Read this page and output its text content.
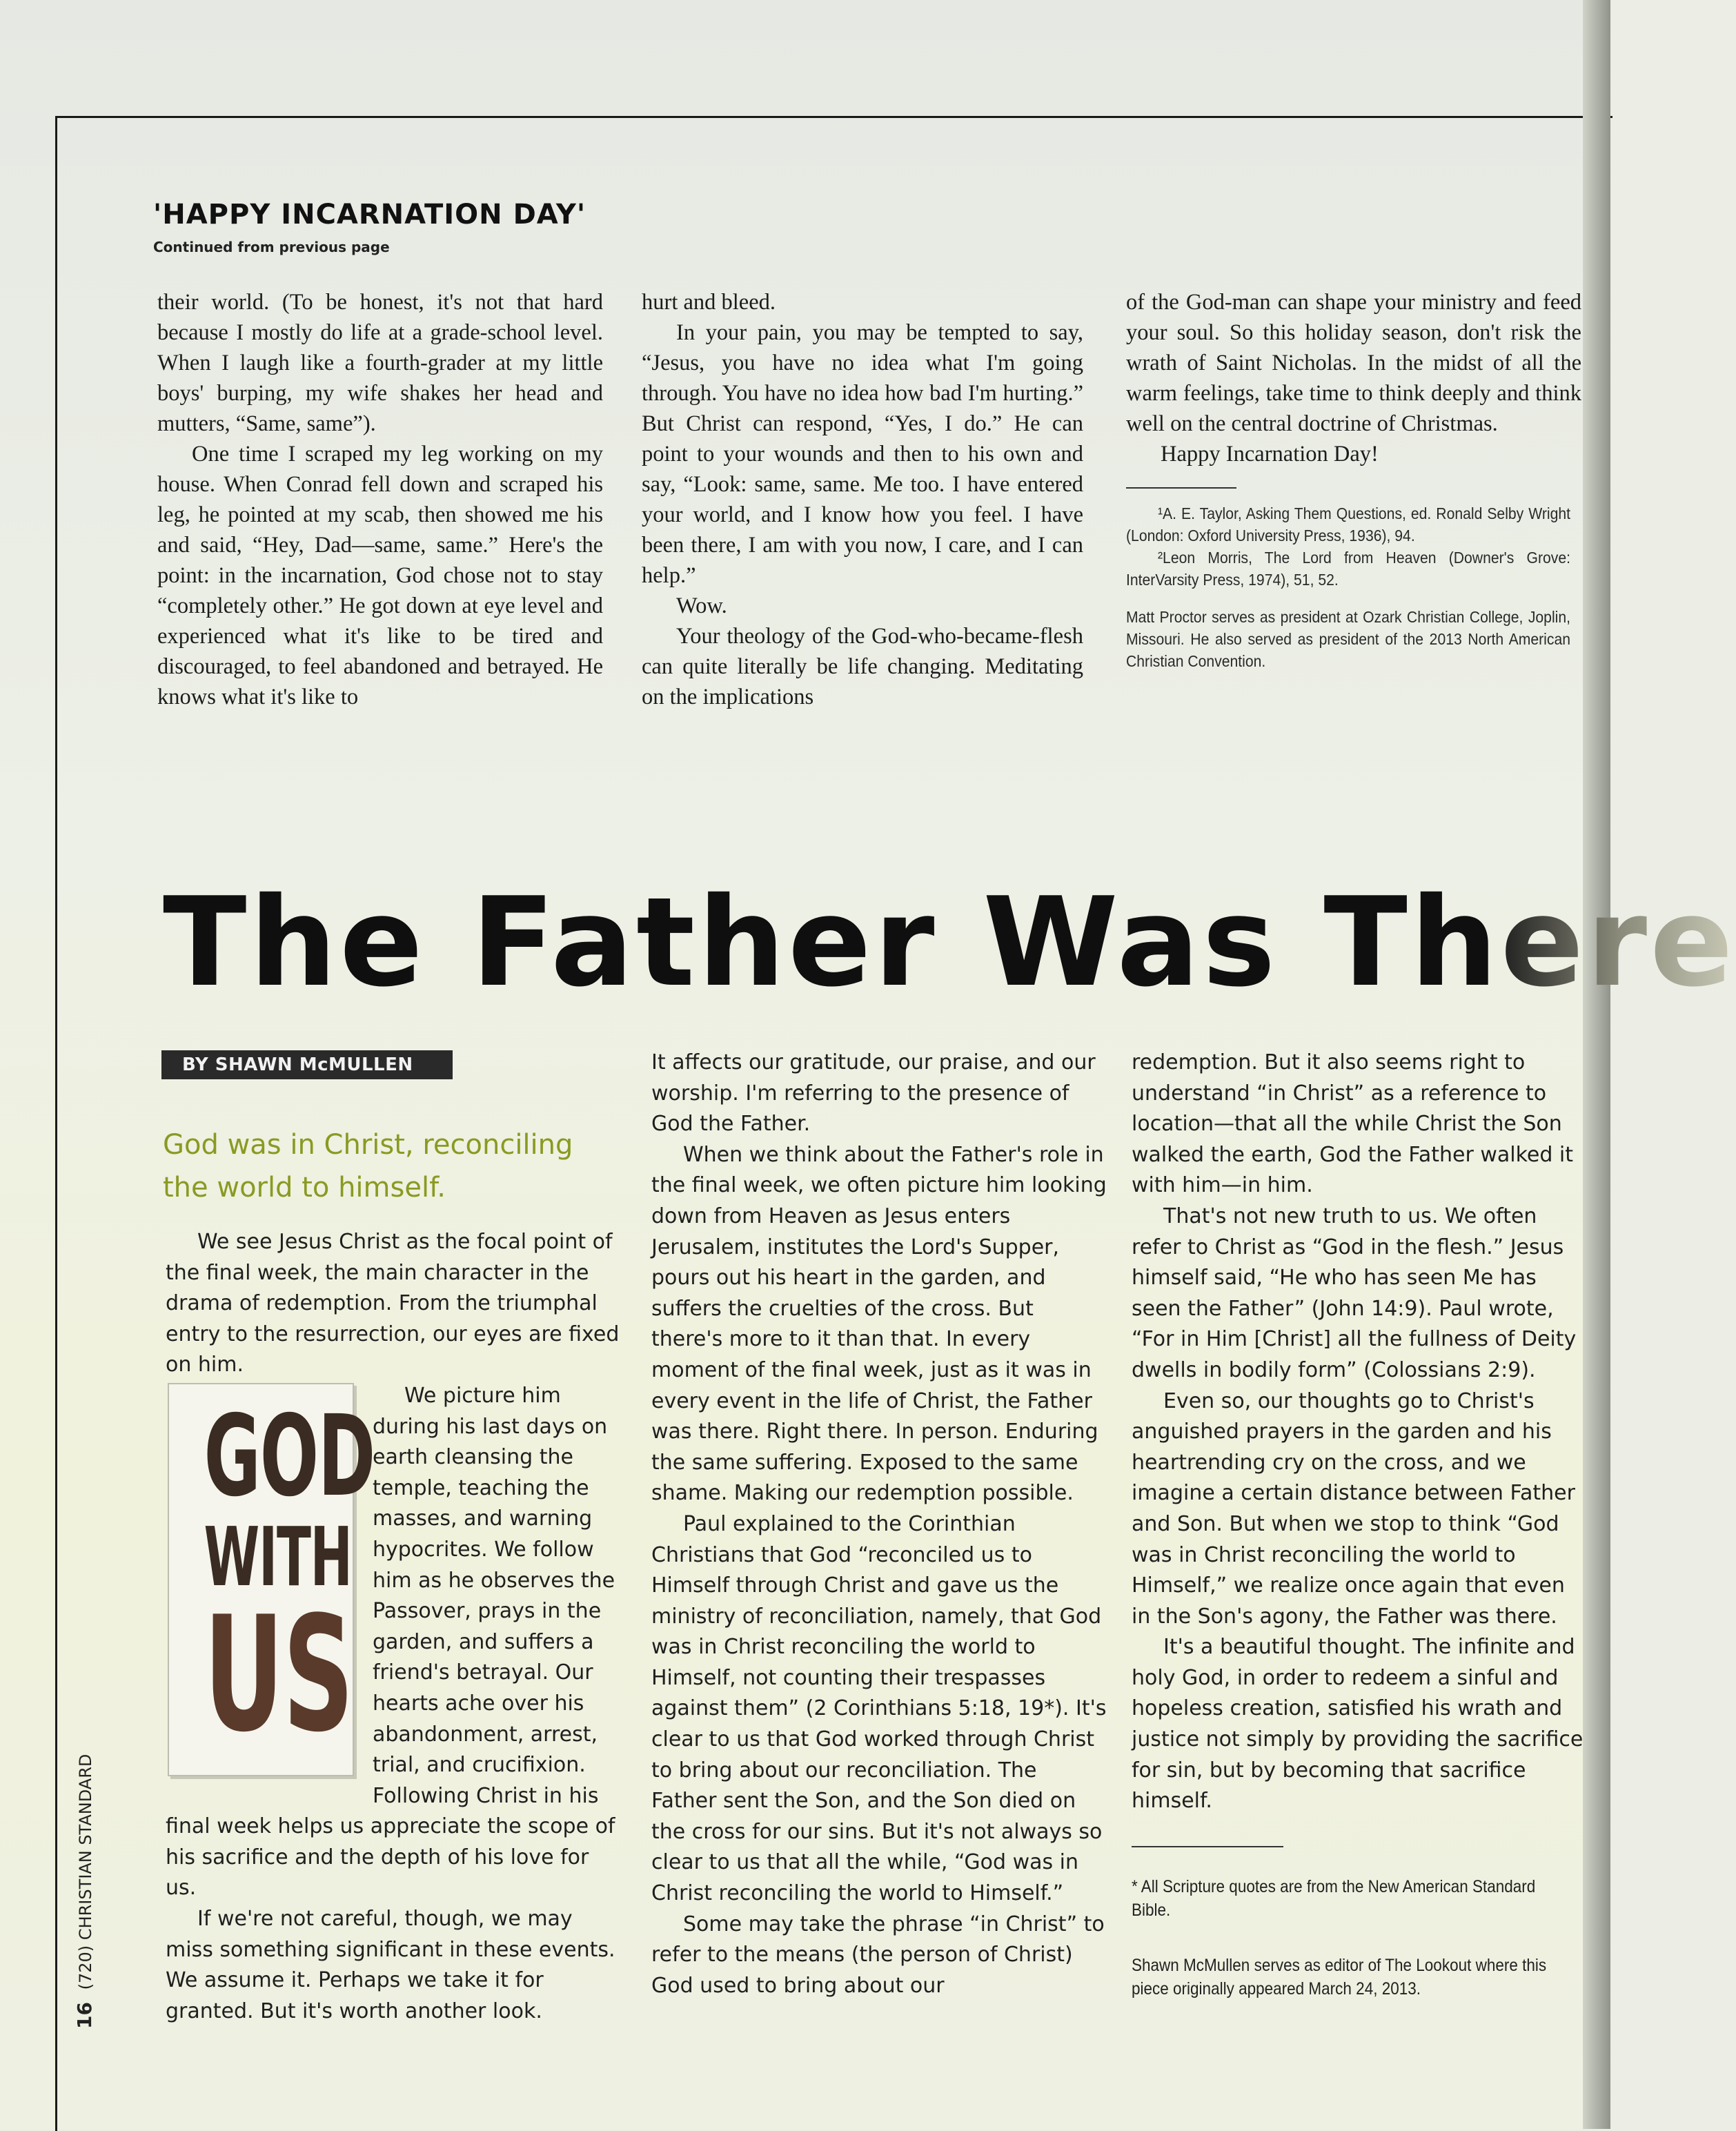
'HAPPY INCARNATION DAY'
Continued from previous page

their world. (To be honest, it's not that hard because I mostly do life at a grade-school level. When I laugh like a fourth-grader at my little boys' burping, my wife shakes her head and mutters, “Same, same”).

One time I scraped my leg working on my house. When Conrad fell down and scraped his leg, he pointed at my scab, then showed me his and said, “Hey, Dad—same, same.” Here's the point: in the incarnation, God chose not to stay “completely other.” He got down at eye level and experienced what it's like to be tired and discouraged, to feel abandoned and betrayed. He knows what it's like to

hurt and bleed.

In your pain, you may be tempted to say, “Jesus, you have no idea what I'm going through. You have no idea how bad I'm hurting.” But Christ can respond, “Yes, I do.” He can point to your wounds and then to his own and say, “Look: same, same. Me too. I have entered your world, and I know how you feel. I have been there, I am with you now, I care, and I can help.”

Wow.

Your theology of the God-who-became-flesh can quite literally be life changing. Meditating on the implications

of the God-man can shape your ministry and feed your soul. So this holiday season, don't risk the wrath of Saint Nicholas. In the midst of all the warm feelings, take time to think deeply and think well on the central doctrine of Christmas.

Happy Incarnation Day!

¹A. E. Taylor, Asking Them Questions, ed. Ronald Selby Wright (London: Oxford University Press, 1936), 94.

²Leon Morris, The Lord from Heaven (Downer's Grove: InterVarsity Press, 1974), 51, 52.

Matt Proctor serves as president at Ozark Christian College, Joplin, Missouri. He also served as president of the 2013 North American Christian Convention.

The Father Was There
BY SHAWN McMULLEN
God was in Christ, reconciling the world to himself.

We see Jesus Christ as the focal point of the final week, the main character in the drama of redemption. From the triumphal entry to the resurrection, our eyes are fixed on him.

We picture him during his last days on earth cleansing the temple, teaching the masses, and warning hypocrites. We follow him as he observes the Passover, prays in the garden, and suffers a friend's betrayal. Our hearts ache over his abandonment, arrest, trial, and crucifixion. Following Christ in his final week helps us appreciate the scope of his sacrifice and the depth of his love for us.

If we're not careful, though, we may miss something significant in these events. We assume it. Perhaps we take it for granted. But it's worth another look.

GOD
WITH
US

It affects our gratitude, our praise, and our worship. I'm referring to the presence of God the Father.

When we think about the Father's role in the final week, we often picture him looking down from Heaven as Jesus enters Jerusalem, institutes the Lord's Supper, pours out his heart in the garden, and suffers the cruelties of the cross. But there's more to it than that. In every moment of the final week, just as it was in every event in the life of Christ, the Father was there. Right there. In person. Enduring the same suffering. Exposed to the same shame. Making our redemption possible.

Paul explained to the Corinthian Christians that God “reconciled us to Himself through Christ and gave us the ministry of reconciliation, namely, that God was in Christ reconciling the world to Himself, not counting their trespasses against them” (2 Corinthians 5:18, 19*). It's clear to us that God worked through Christ to bring about our reconciliation. The Father sent the Son, and the Son died on the cross for our sins. But it's not always so clear to us that all the while, “God was in Christ reconciling the world to Himself.”

Some may take the phrase “in Christ” to refer to the means (the person of Christ) God used to bring about our

redemption. But it also seems right to understand “in Christ” as a reference to location—that all the while Christ the Son walked the earth, God the Father walked it with him—in him.

That's not new truth to us. We often refer to Christ as “God in the flesh.” Jesus himself said, “He who has seen Me has seen the Father” (John 14:9). Paul wrote, “For in Him [Christ] all the fullness of Deity dwells in bodily form” (Colossians 2:9).

Even so, our thoughts go to Christ's anguished prayers in the garden and his heartrending cry on the cross, and we imagine a certain distance between Father and Son. But when we stop to think “God was in Christ reconciling the world to Himself,” we realize once again that even in the Son's agony, the Father was there.

It's a beautiful thought. The infinite and holy God, in order to redeem a sinful and hopeless creation, satisfied his wrath and justice not simply by providing the sacrifice for sin, but by becoming that sacrifice himself.

* All Scripture quotes are from the New American Standard Bible.

Shawn McMullen serves as editor of The Lookout where this piece originally appeared March 24, 2013.

16 (720) CHRISTIAN STANDARD
